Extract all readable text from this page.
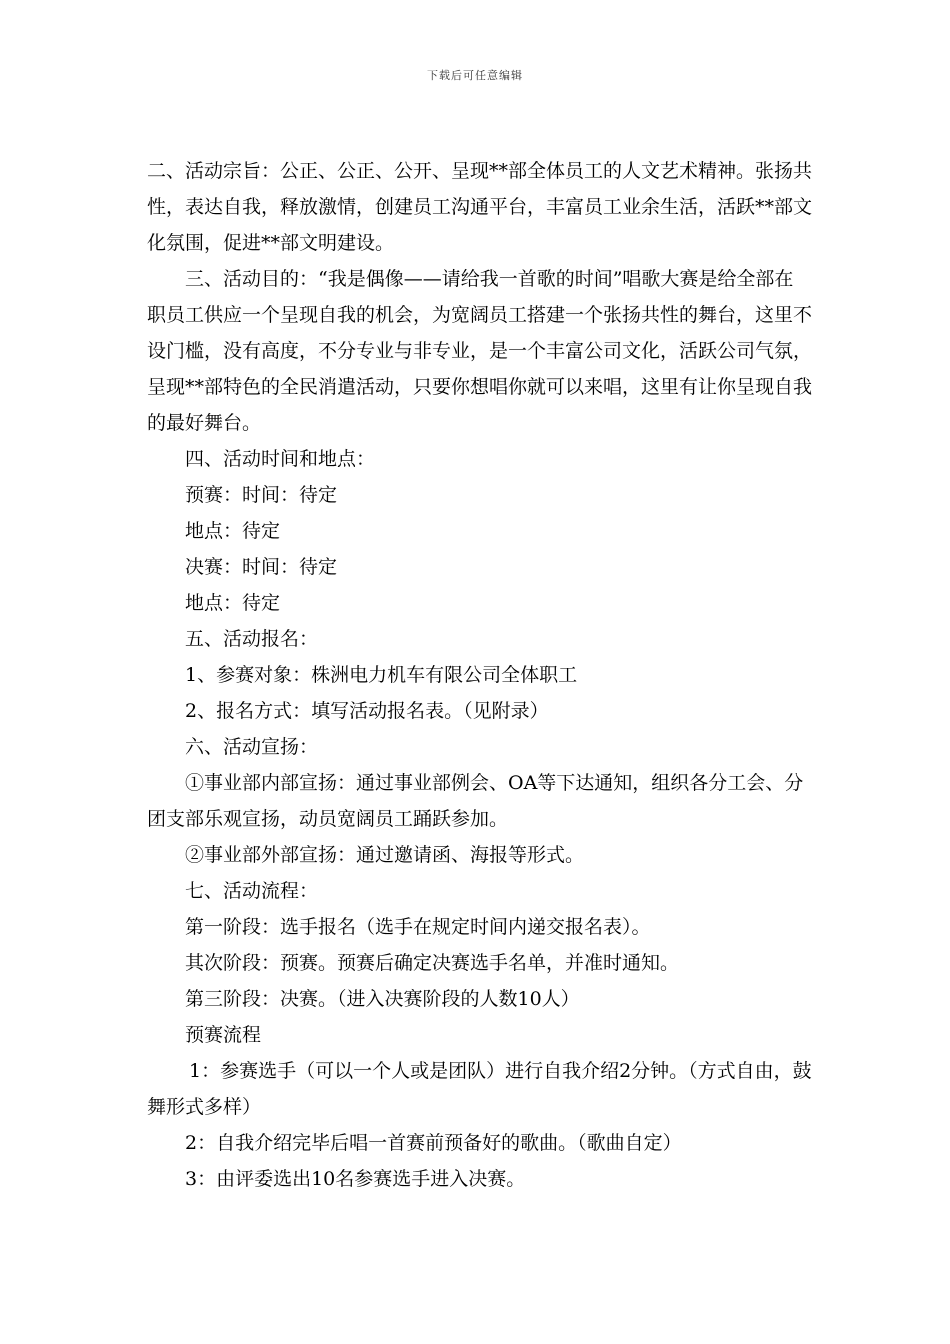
下载后可任意编辑

二、活动宗旨：公正、公正、公开、呈现**部全体员工的人文艺术精神。张扬共性，表达自我，释放激情，创建员工沟通平台，丰富员工业余生活，活跃**部文化氛围，促进**部文明建设。

三、活动目的：“我是偶像——请给我一首歌的时间”唱歌大赛是给全部在职员工供应一个呈现自我的机会，为宽阔员工搭建一个张扬共性的舞台，这里不设门槛，没有高度，不分专业与非专业，是一个丰富公司文化，活跃公司气氛，呈现**部特色的全民消遣活动，只要你想唱你就可以来唱，这里有让你呈现自我的最好舞台。

四、活动时间和地点：

预赛：时间：待定

地点：待定

决赛：时间：待定

地点：待定

五、活动报名：

1、参赛对象：株洲电力机车有限公司全体职工

2、报名方式：填写活动报名表。（见附录）

六、活动宣扬：

①事业部内部宣扬：通过事业部例会、OA等下达通知，组织各分工会、分团支部乐观宣扬，动员宽阔员工踊跃参加。

②事业部外部宣扬：通过邀请函、海报等形式。

七、活动流程：

第一阶段：选手报名（选手在规定时间内递交报名表）。

其次阶段：预赛。预赛后确定决赛选手名单，并准时通知。

第三阶段：决赛。（进入决赛阶段的人数10人）

预赛流程

1：参赛选手（可以一个人或是团队）进行自我介绍2分钟。（方式自由，鼓舞形式多样）

2：自我介绍完毕后唱一首赛前预备好的歌曲。（歌曲自定）

3：由评委选出10名参赛选手进入决赛。
